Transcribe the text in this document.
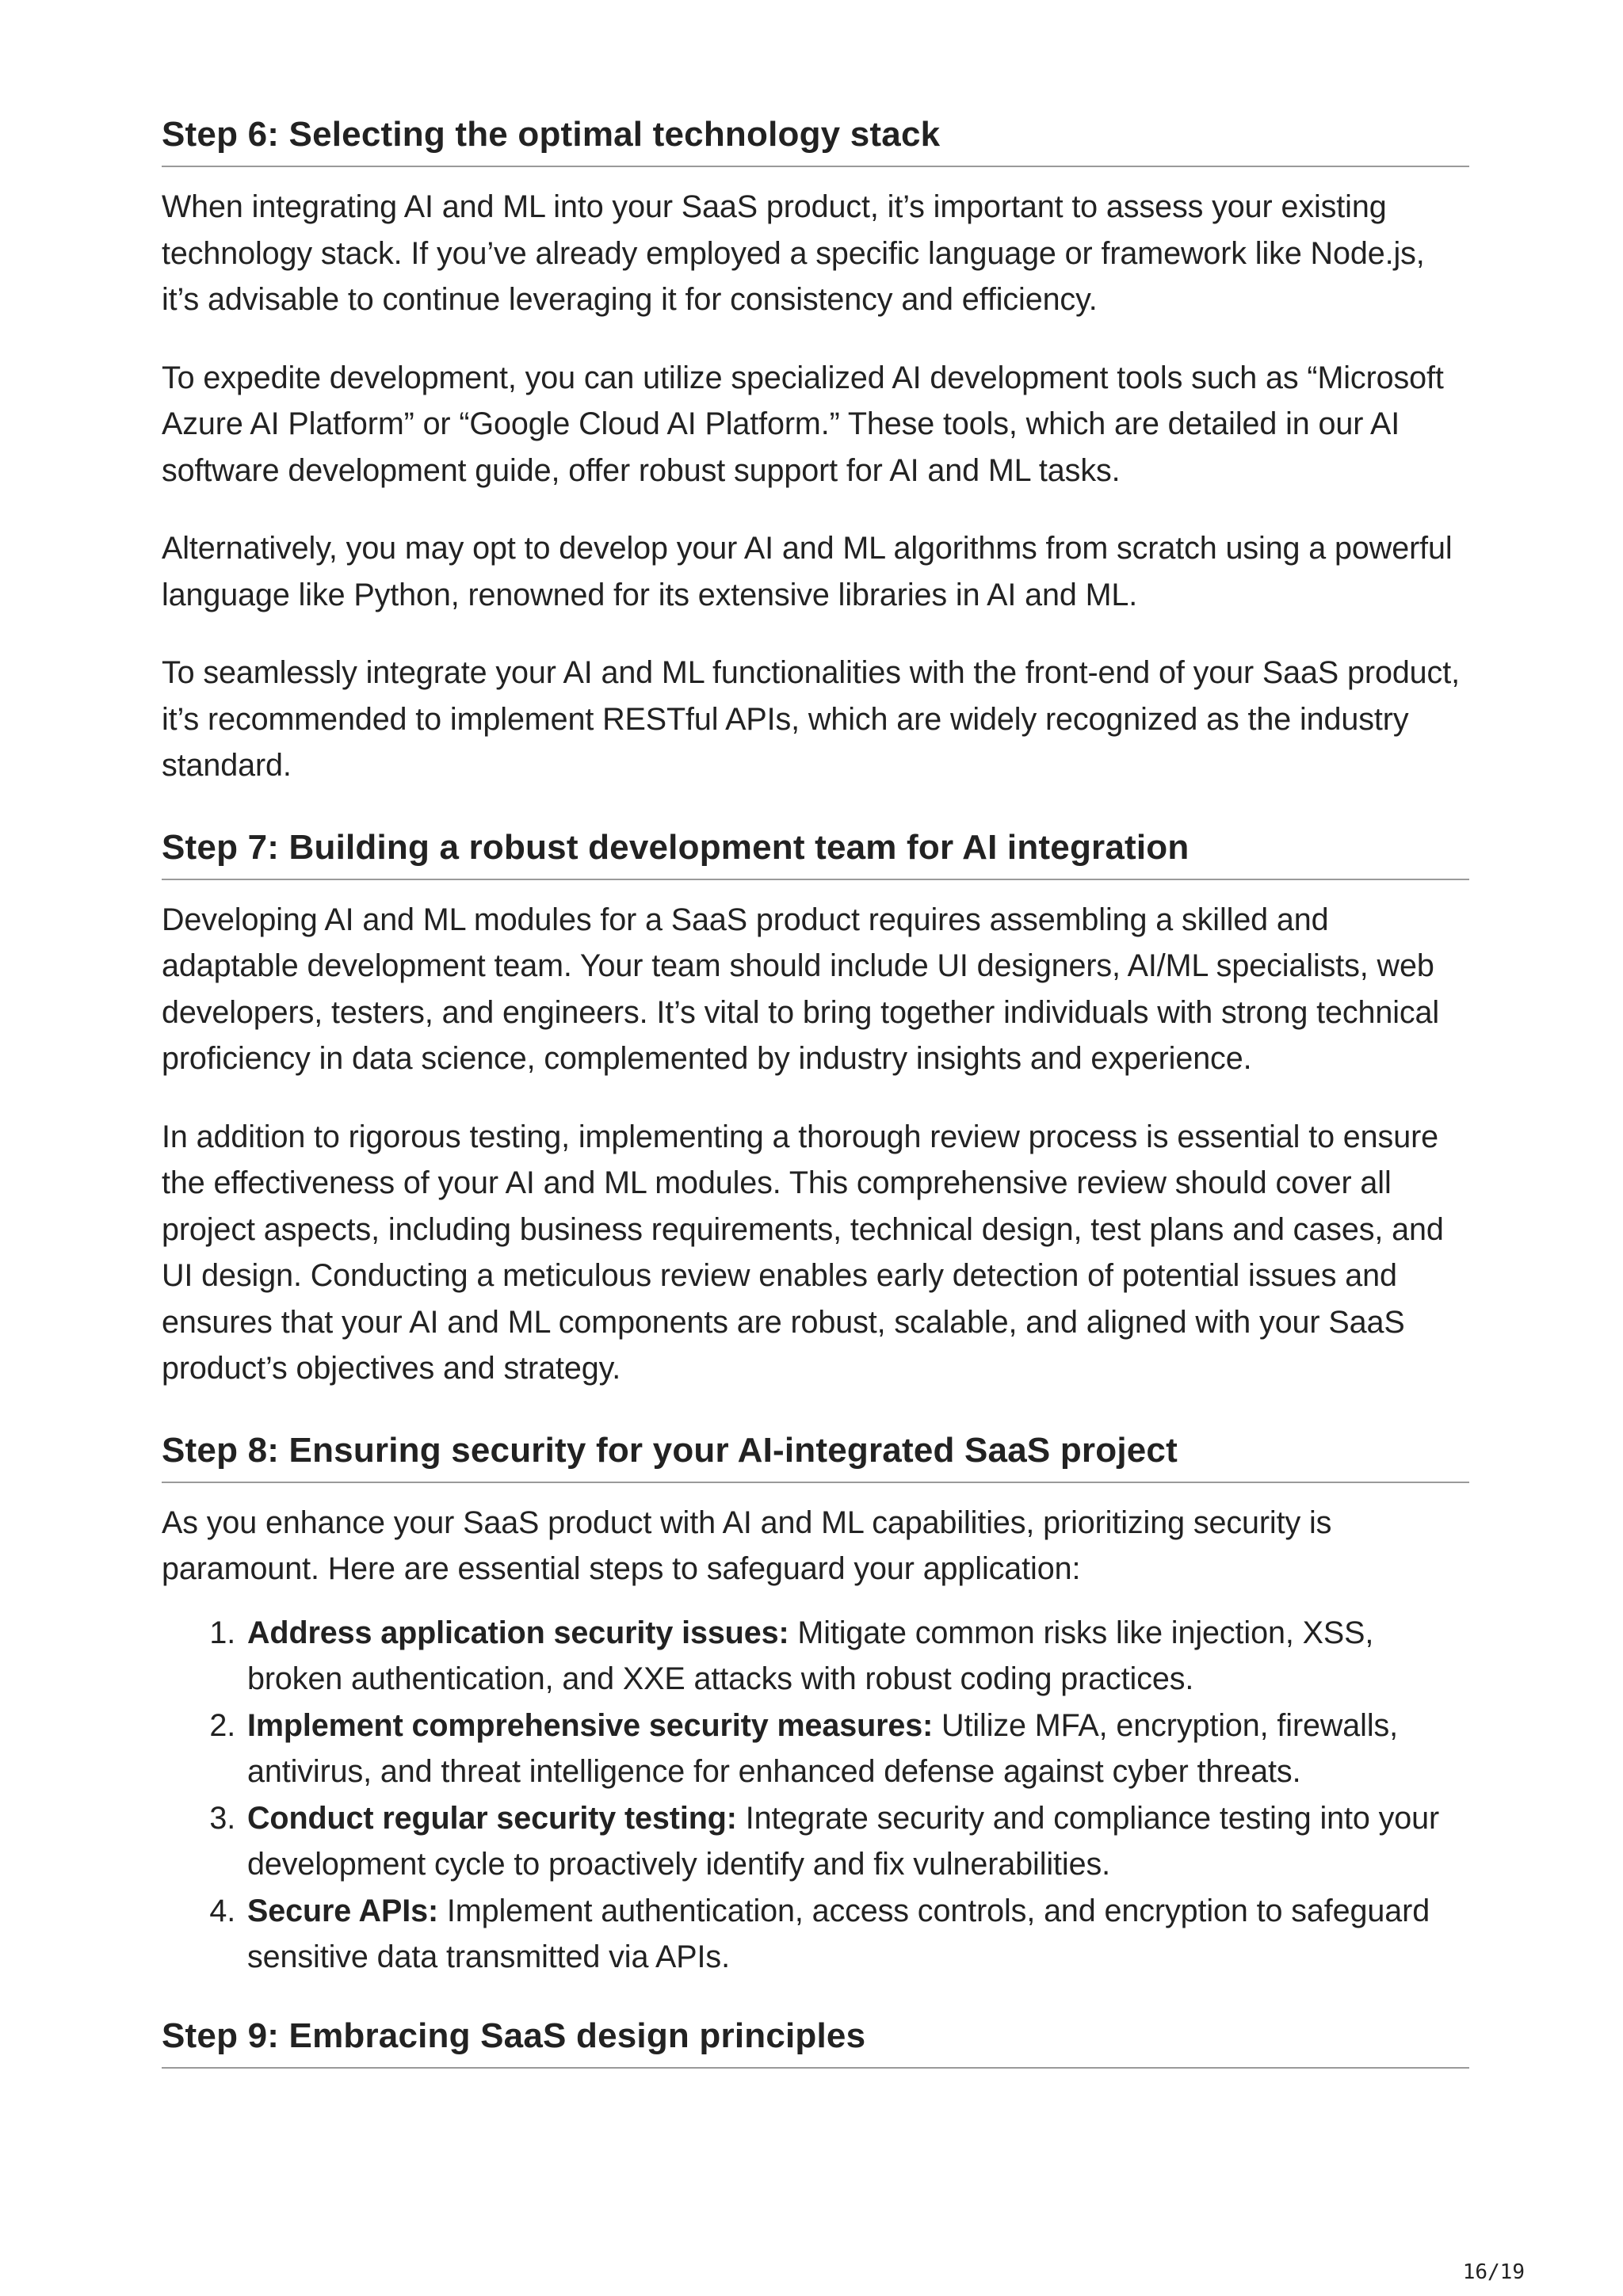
Step 6: Selecting the optimal technology stack

When integrating AI and ML into your SaaS product, it’s important to assess your existing technology stack. If you’ve already employed a specific language or framework like Node.js, it’s advisable to continue leveraging it for consistency and efficiency.

To expedite development, you can utilize specialized AI development tools such as “Microsoft Azure AI Platform” or “Google Cloud AI Platform.” These tools, which are detailed in our AI software development guide, offer robust support for AI and ML tasks.

Alternatively, you may opt to develop your AI and ML algorithms from scratch using a powerful language like Python, renowned for its extensive libraries in AI and ML.

To seamlessly integrate your AI and ML functionalities with the front-end of your SaaS product, it’s recommended to implement RESTful APIs, which are widely recognized as the industry standard.

Step 7: Building a robust development team for AI integration

Developing AI and ML modules for a SaaS product requires assembling a skilled and adaptable development team. Your team should include UI designers, AI/ML specialists, web developers, testers, and engineers. It’s vital to bring together individuals with strong technical proficiency in data science, complemented by industry insights and experience.

In addition to rigorous testing, implementing a thorough review process is essential to ensure the effectiveness of your AI and ML modules. This comprehensive review should cover all project aspects, including business requirements, technical design, test plans and cases, and UI design. Conducting a meticulous review enables early detection of potential issues and ensures that your AI and ML components are robust, scalable, and aligned with your SaaS product’s objectives and strategy.

Step 8: Ensuring security for your AI-integrated SaaS project

As you enhance your SaaS product with AI and ML capabilities, prioritizing security is paramount. Here are essential steps to safeguard your application:

1. Address application security issues: Mitigate common risks like injection, XSS, broken authentication, and XXE attacks with robust coding practices.
2. Implement comprehensive security measures: Utilize MFA, encryption, firewalls, antivirus, and threat intelligence for enhanced defense against cyber threats.
3. Conduct regular security testing: Integrate security and compliance testing into your development cycle to proactively identify and fix vulnerabilities.
4. Secure APIs: Implement authentication, access controls, and encryption to safeguard sensitive data transmitted via APIs.
Step 9: Embracing SaaS design principles
16/19
